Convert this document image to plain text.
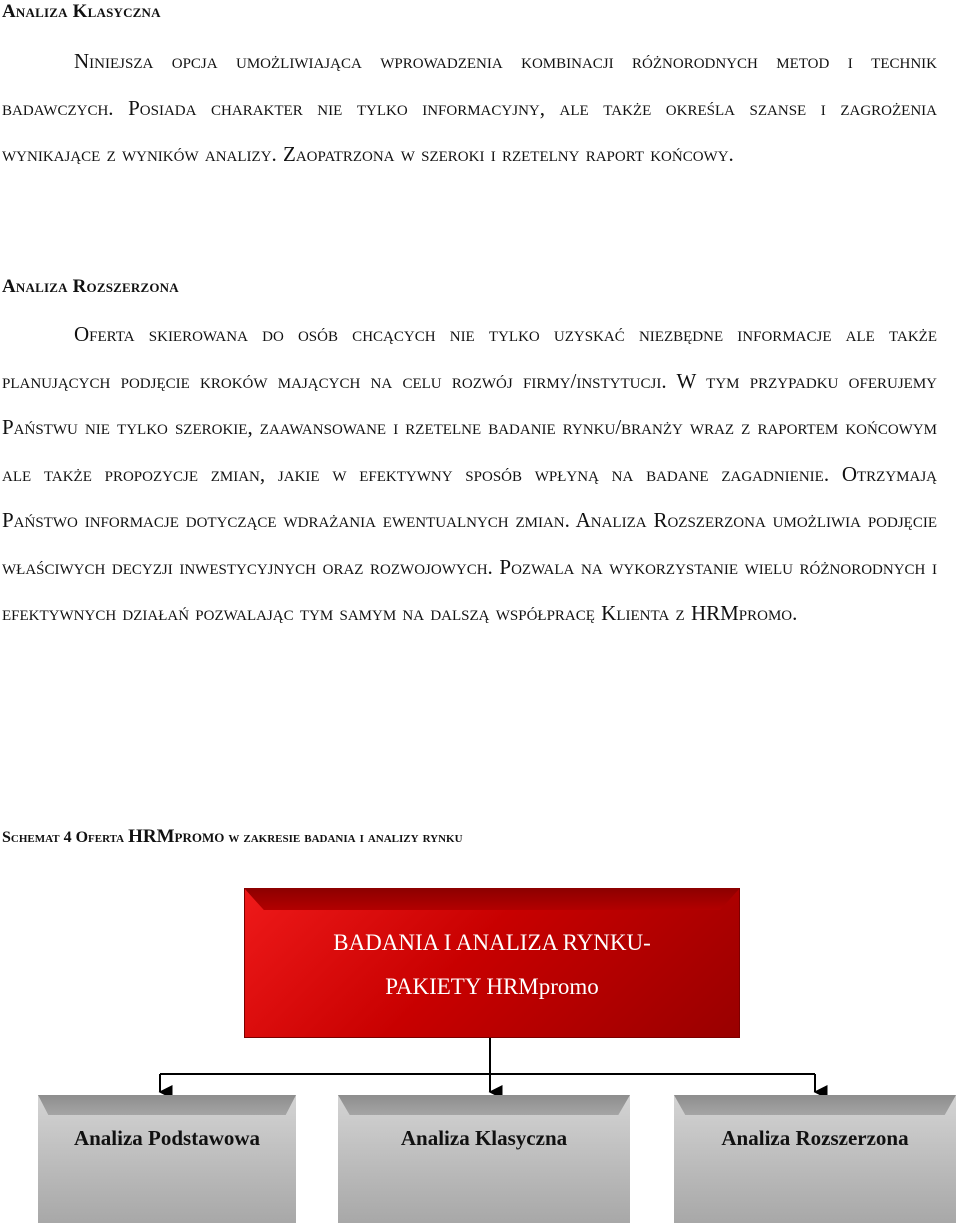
Analiza Klasyczna

Niniejsza opcja umożliwiająca wprowadzenia kombinacji różnorodnych metod i technik badawczych. Posiada charakter nie tylko informacyjny, ale także określa szanse i zagrożenia wynikające z wyników analizy. Zaopatrzona w szeroki i rzetelny raport końcowy.

Analiza Rozszerzona

Oferta skierowana do osób chcących nie tylko uzyskać niezbędne informacje ale także planujących podjęcie kroków mających na celu rozwój firmy/instytucji. W tym przypadku oferujemy Państwu nie tylko szerokie, zaawansowane i rzetelne badanie rynku/branży wraz z raportem końcowym ale także propozycje zmian, jakie w efektywny sposób wpłyną na badane zagadnienie. Otrzymają Państwo informacje dotyczące wdrażania ewentualnych zmian. Analiza Rozszerzona umożliwia podjęcie właściwych decyzji inwestycyjnych oraz rozwojowych. Pozwala na wykorzystanie wielu różnorodnych i efektywnych działań pozwalając tym samym na dalszą współpracę Klienta z HRMpromo.

Schemat 4 Oferta HRMpromo w zakresie badania i analizy rynku

BADANIA I ANALIZA RYNKU-
PAKIETY HRMpromo
Analiza Podstawowa	Analiza Klasyczna	Analiza Rozszerzona
